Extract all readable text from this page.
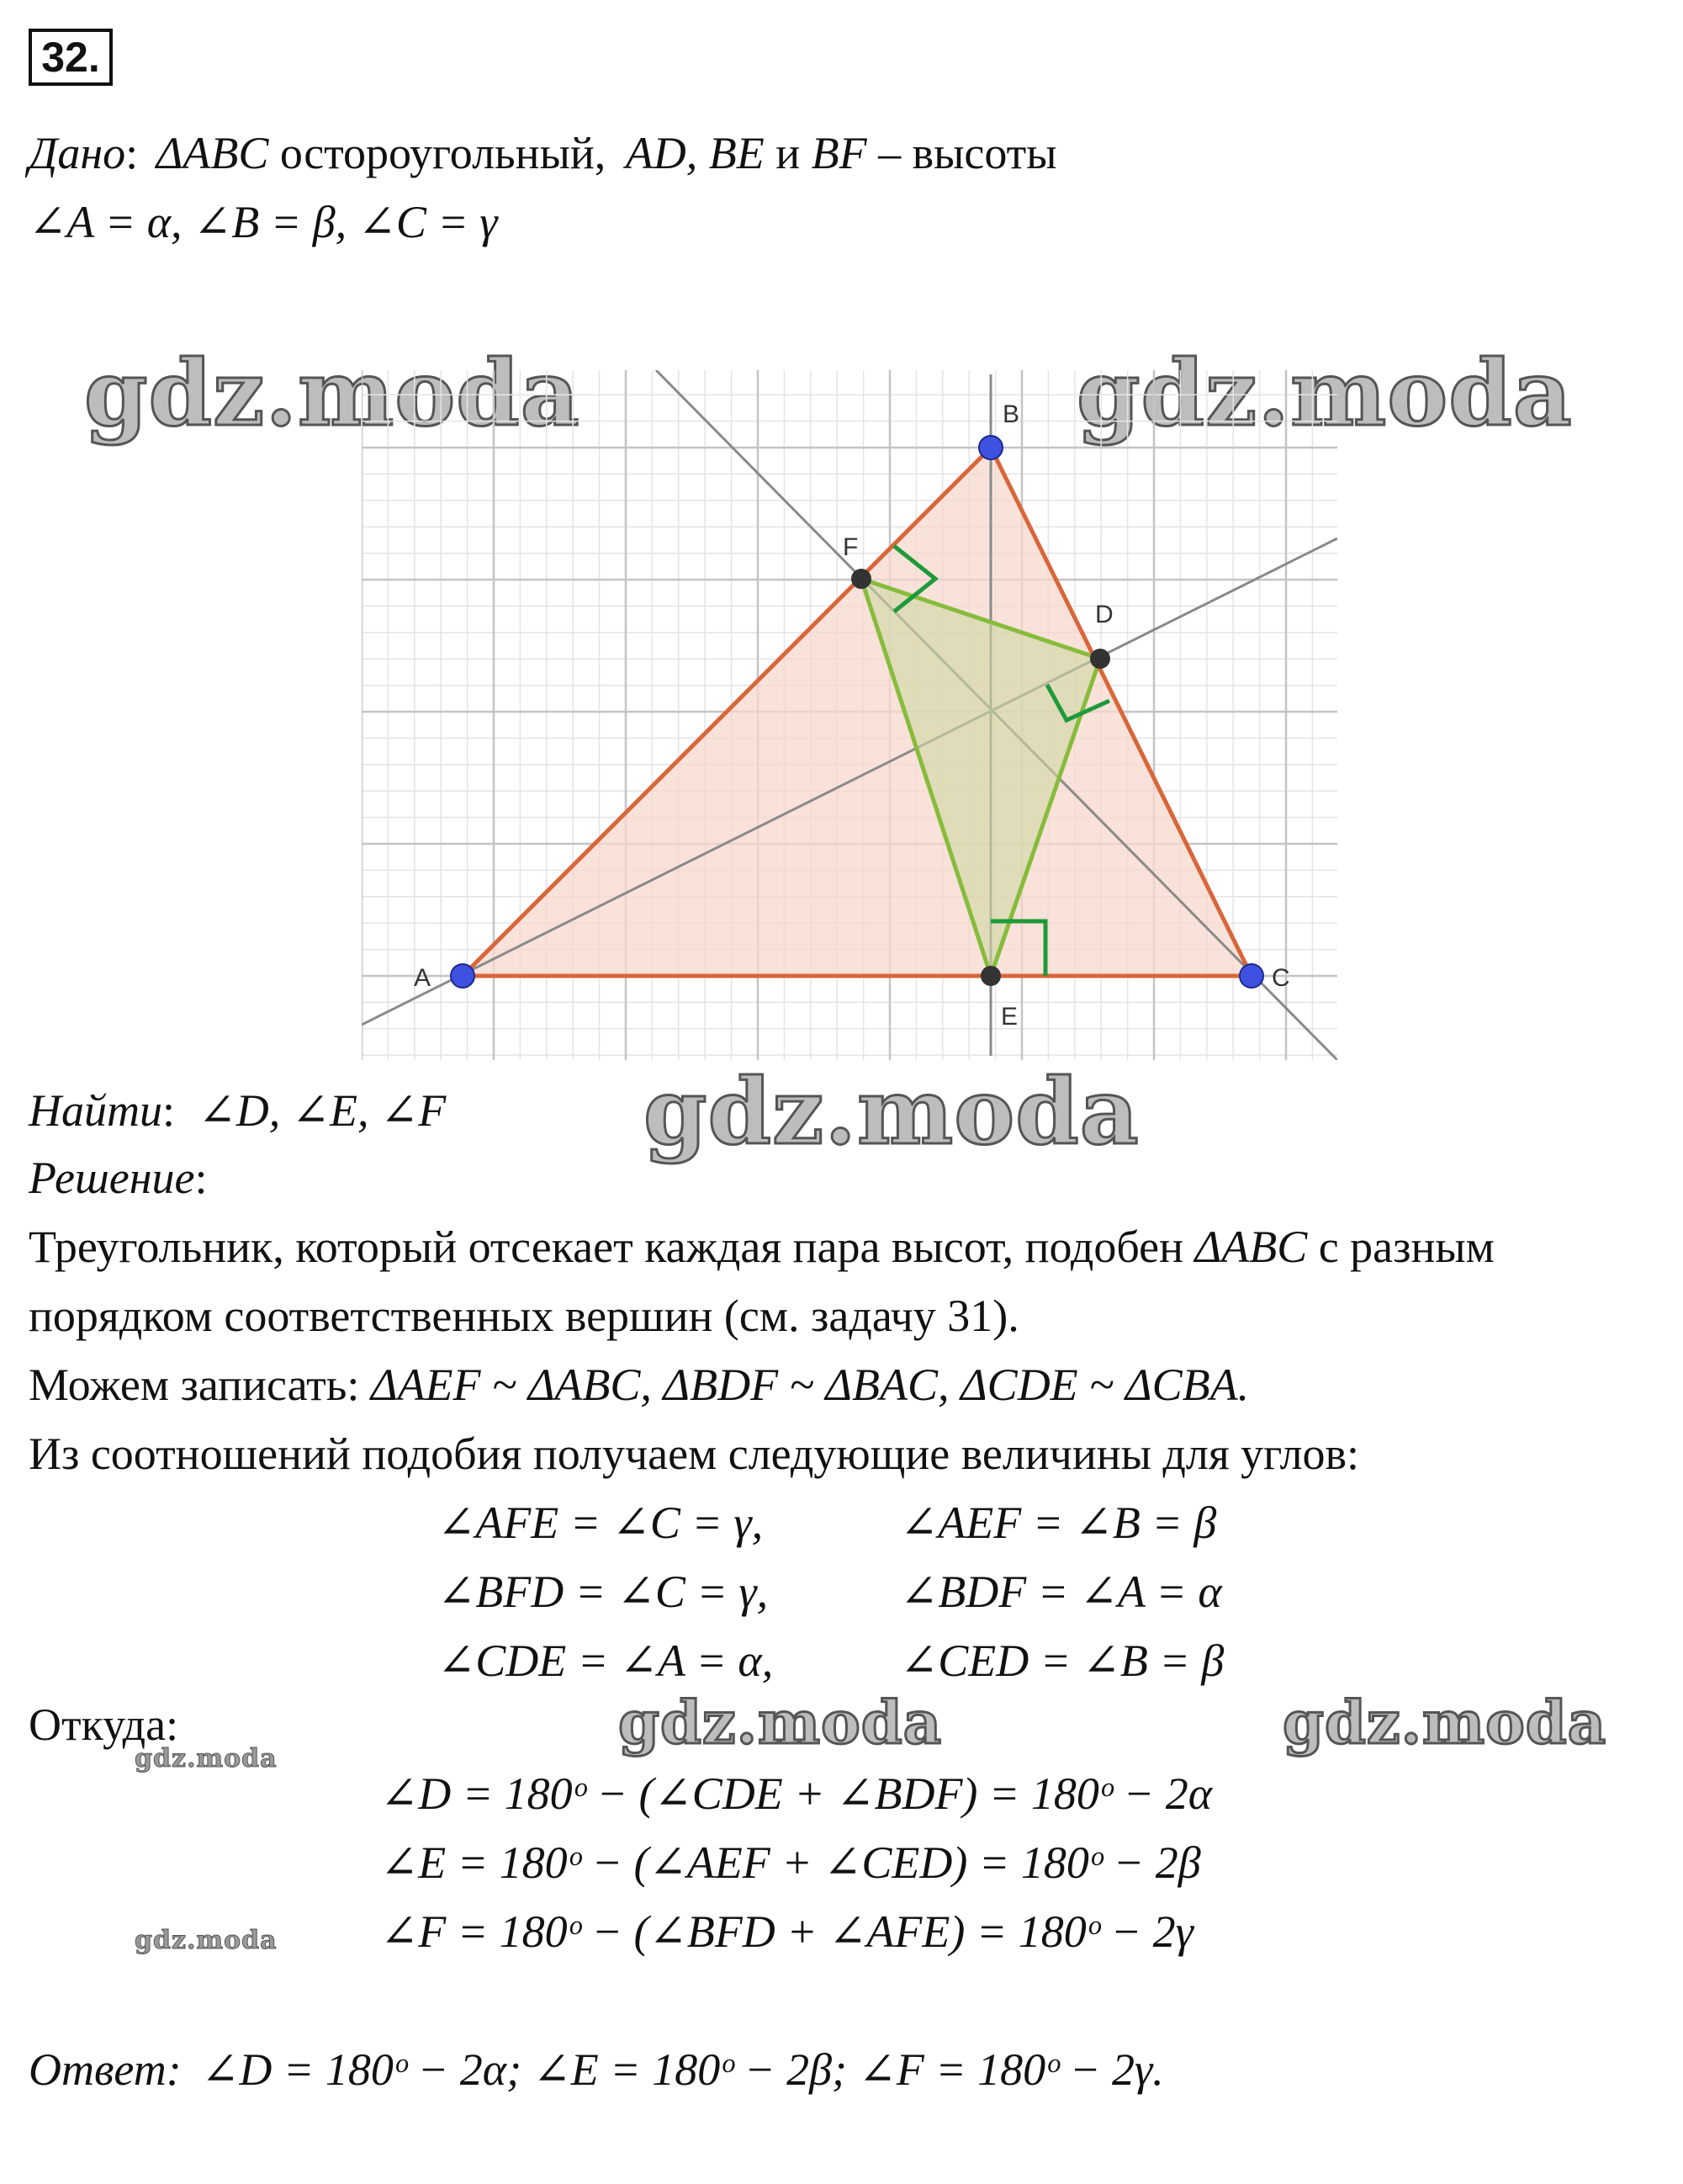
32.
Дано: ΔABC остороугольный, AD, BE и BF – высоты
∠A = α, ∠B = β, ∠C = γ
gdz.moda	gdz.moda
A
B
C
D
E
F
Найти: ∠D, ∠E, ∠F gdz.moda
Решение:
Треугольник, который отсекает каждая пара высот, подобен ΔABC с разным
порядком соответственных вершин (см. задачу 31).
Можем записать: ΔAEF ~ ΔABC, ΔBDF ~ ΔBAC, ΔCDE ~ ΔCBA.
Из соотношений подобия получаем следующие величины для углов:
∠AFE = ∠C = γ,	∠AEF = ∠B = β
∠BFD = ∠C = γ,	∠BDF = ∠A = α
∠CDE = ∠A = α,	∠CED = ∠B = β
Откуда:	gdz.moda	gdz.moda
gdz.moda
∠D = 180ᵒ − (∠CDE + ∠BDF) = 180ᵒ − 2α
∠E = 180ᵒ − (∠AEF + ∠CED) = 180ᵒ − 2β
∠F = 180ᵒ − (∠BFD + ∠AFE) = 180ᵒ − 2γ
gdz.moda
Ответ: ∠D = 180ᵒ − 2α; ∠E = 180ᵒ − 2β; ∠F = 180ᵒ − 2γ.
